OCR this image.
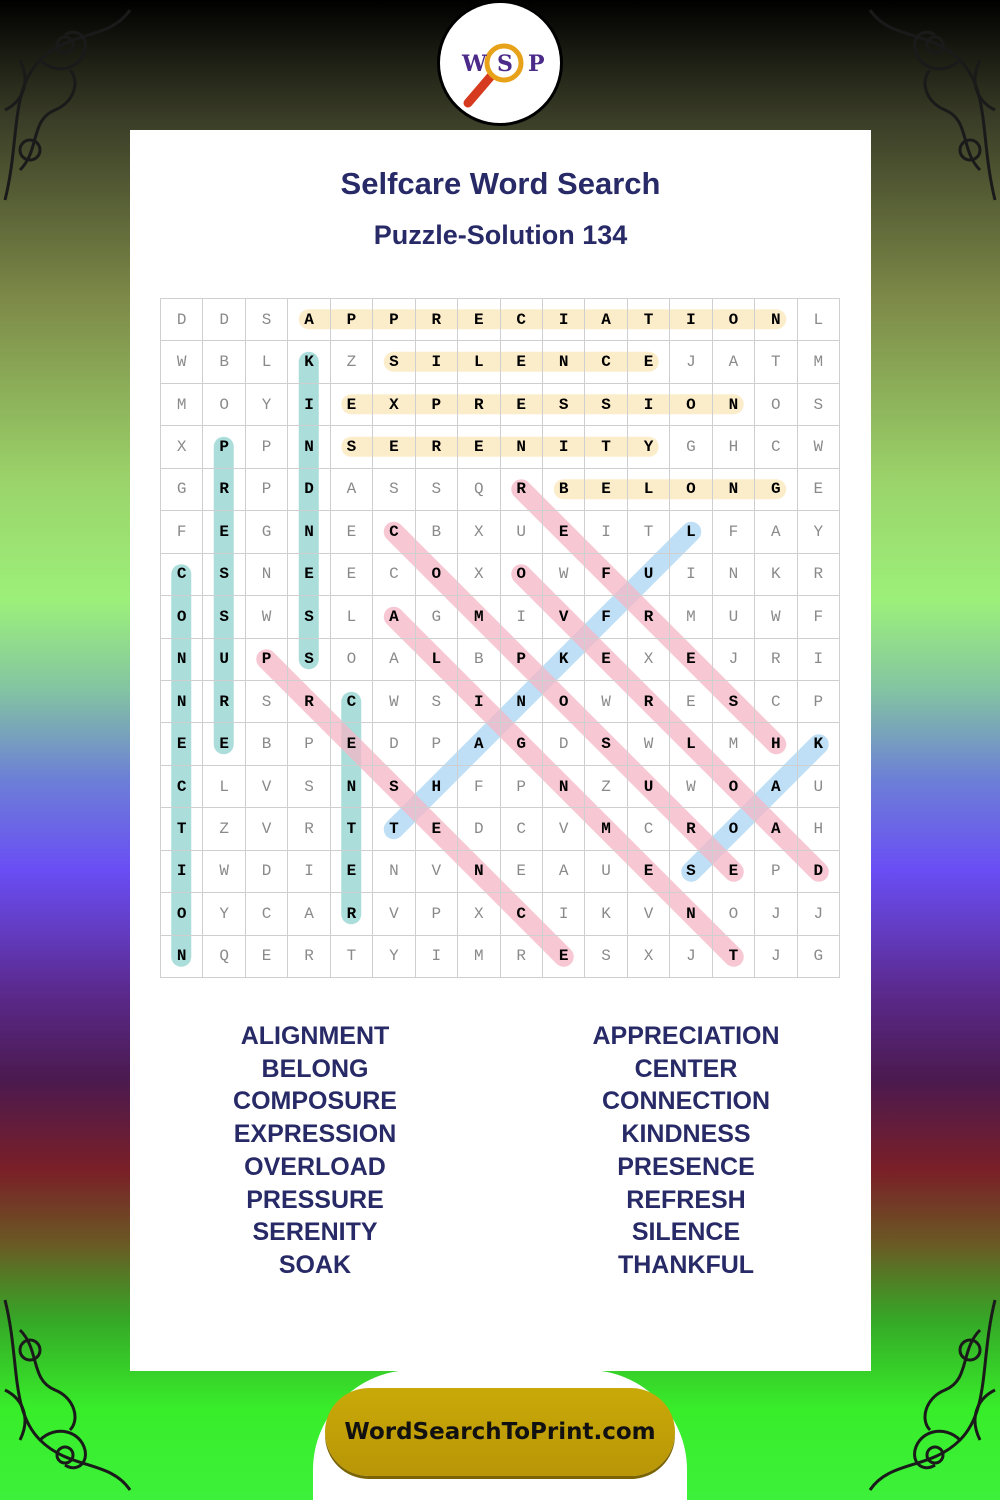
W S P
Selfcare Word Search
Puzzle-Solution 134
D	D	S	A	P	P	R	E	C	I	A	T	I	O	N	L
W	B	L	K	Z	S	I	L	E	N	C	E	J	A	T	M
M	O	Y	I	E	X	P	R	E	S	S	I	O	N	O	S
X	P	P	N	S	E	R	E	N	I	T	Y	G	H	C	W
G	R	P	D	A	S	S	Q	R	B	E	L	O	N	G	E
F	E	G	N	E	C	B	X	U	E	I	T	L	F	A	Y
C	S	N	E	E	C	O	X	O	W	F	U	I	N	K	R
O	S	W	S	L	A	G	M	I	V	F	R	M	U	W	F
N	U	P	S	O	A	L	B	P	K	E	X	E	J	R	I
N	R	S	R	C	W	S	I	N	O	W	R	E	S	C	P
E	E	B	P	E	D	P	A	G	D	S	W	L	M	H	K
C	L	V	S	N	S	H	F	P	N	Z	U	W	O	A	U
T	Z	V	R	T	T	E	D	C	V	M	C	R	O	A	H
I	W	D	I	E	N	V	N	E	A	U	E	S	E	P	D
O	Y	C	A	R	V	P	X	C	I	K	V	N	O	J	J
N	Q	E	R	T	Y	I	M	R	E	S	X	J	T	J	G
ALIGNMENT
BELONG
COMPOSURE
EXPRESSION
OVERLOAD
PRESSURE
SERENITY
SOAK
APPRECIATION
CENTER
CONNECTION
KINDNESS
PRESENCE
REFRESH
SILENCE
THANKFUL
WordSearchToPrint.com
